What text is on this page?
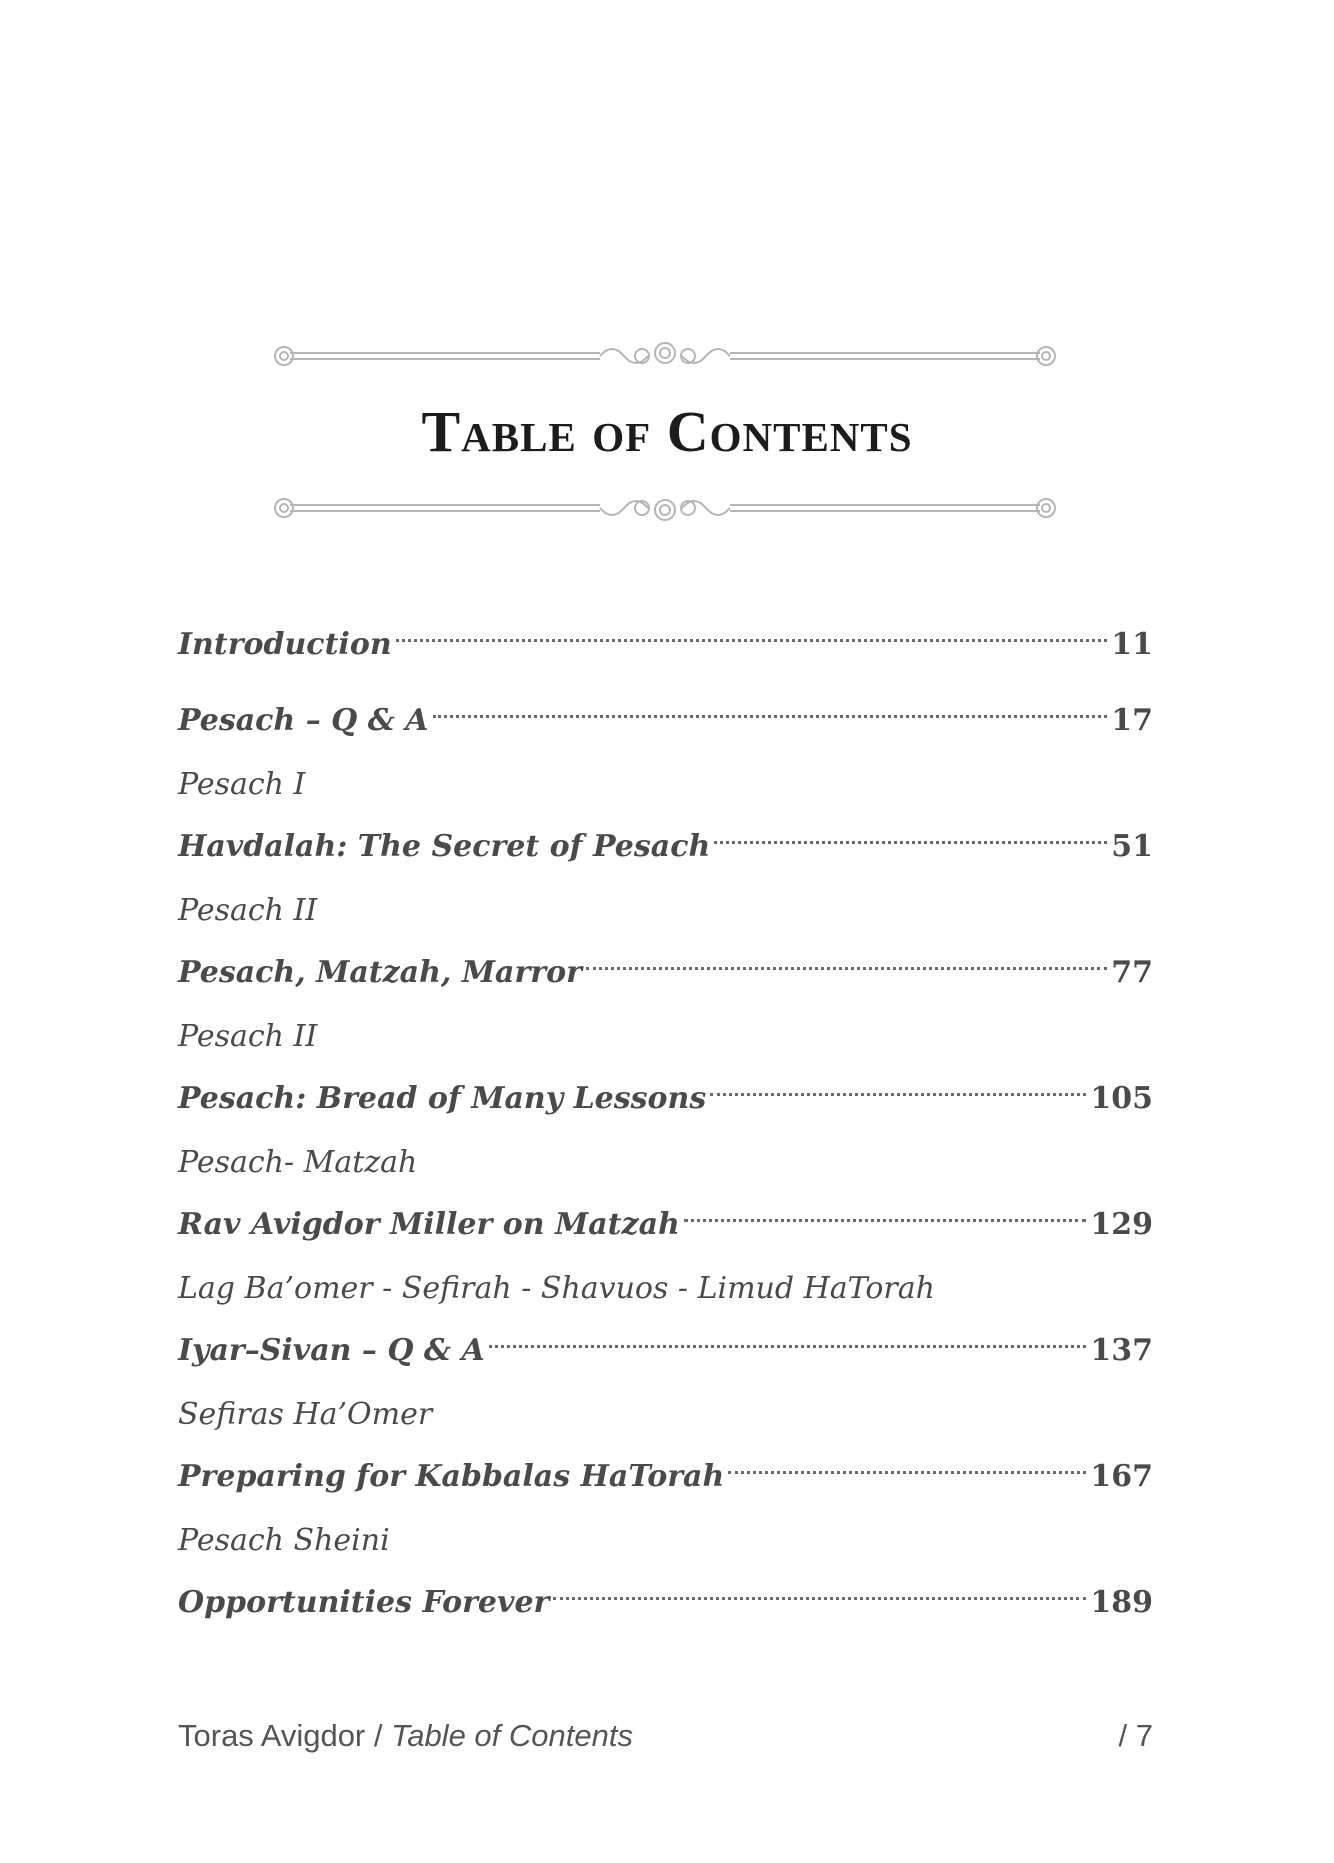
Table of Contents
Introduction	11
Pesach – Q & A	17
Pesach I
Havdalah: The Secret of Pesach	51
Pesach II
Pesach, Matzah, Marror	77
Pesach II
Pesach: Bread of Many Lessons	105
Pesach- Matzah
Rav Avigdor Miller on Matzah	129
Lag Ba’omer - Sefirah - Shavuos - Limud HaTorah
Iyar–Sivan – Q & A	137
Sefiras Ha’Omer
Preparing for Kabbalas HaTorah	167
Pesach Sheini
Opportunities Forever	189
Toras Avigdor / Table of Contents	/ 7
